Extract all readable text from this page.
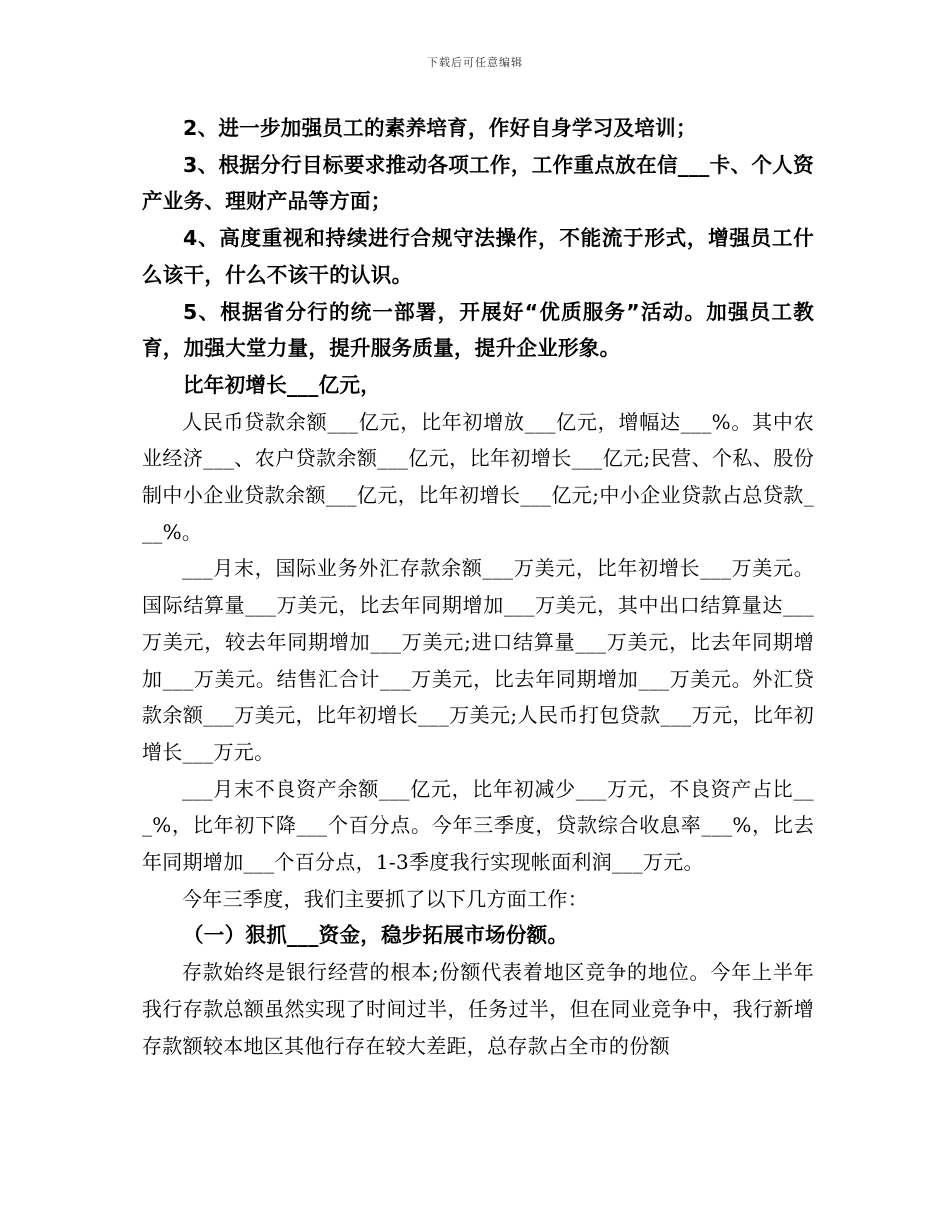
下载后可任意编辑

2、进一步加强员工的素养培育，作好自身学习及培训；

3、根据分行目标要求推动各项工作，工作重点放在信___卡、个人资产业务、理财产品等方面；

4、高度重视和持续进行合规守法操作，不能流于形式，增强员工什么该干，什么不该干的认识。

5、根据省分行的统一部署，开展好“优质服务”活动。加强员工教育，加强大堂力量，提升服务质量，提升企业形象。

比年初增长___亿元，

人民币贷款余额___亿元，比年初增放___亿元，增幅达___%。其中农业经济___、农户贷款余额___亿元，比年初增长___亿元;民营、个私、股份制中小企业贷款余额___亿元，比年初增长___亿元;中小企业贷款占总贷款___%。

___月末，国际业务外汇存款余额___万美元，比年初增长___万美元。国际结算量___万美元，比去年同期增加___万美元，其中出口结算量达___万美元，较去年同期增加___万美元;进口结算量___万美元，比去年同期增加___万美元。结售汇合计___万美元，比去年同期增加___万美元。外汇贷款余额___万美元，比年初增长___万美元;人民币打包贷款___万元，比年初增长___万元。

___月末不良资产余额___亿元，比年初减少___万元，不良资产占比___%，比年初下降___个百分点。今年三季度，贷款综合收息率___%，比去年同期增加___个百分点，1-3季度我行实现帐面利润___万元。

今年三季度，我们主要抓了以下几方面工作：

（一）狠抓___资金，稳步拓展市场份额。

存款始终是银行经营的根本;份额代表着地区竞争的地位。今年上半年我行存款总额虽然实现了时间过半，任务过半，但在同业竞争中，我行新增存款额较本地区其他行存在较大差距，总存款占全市的份额
